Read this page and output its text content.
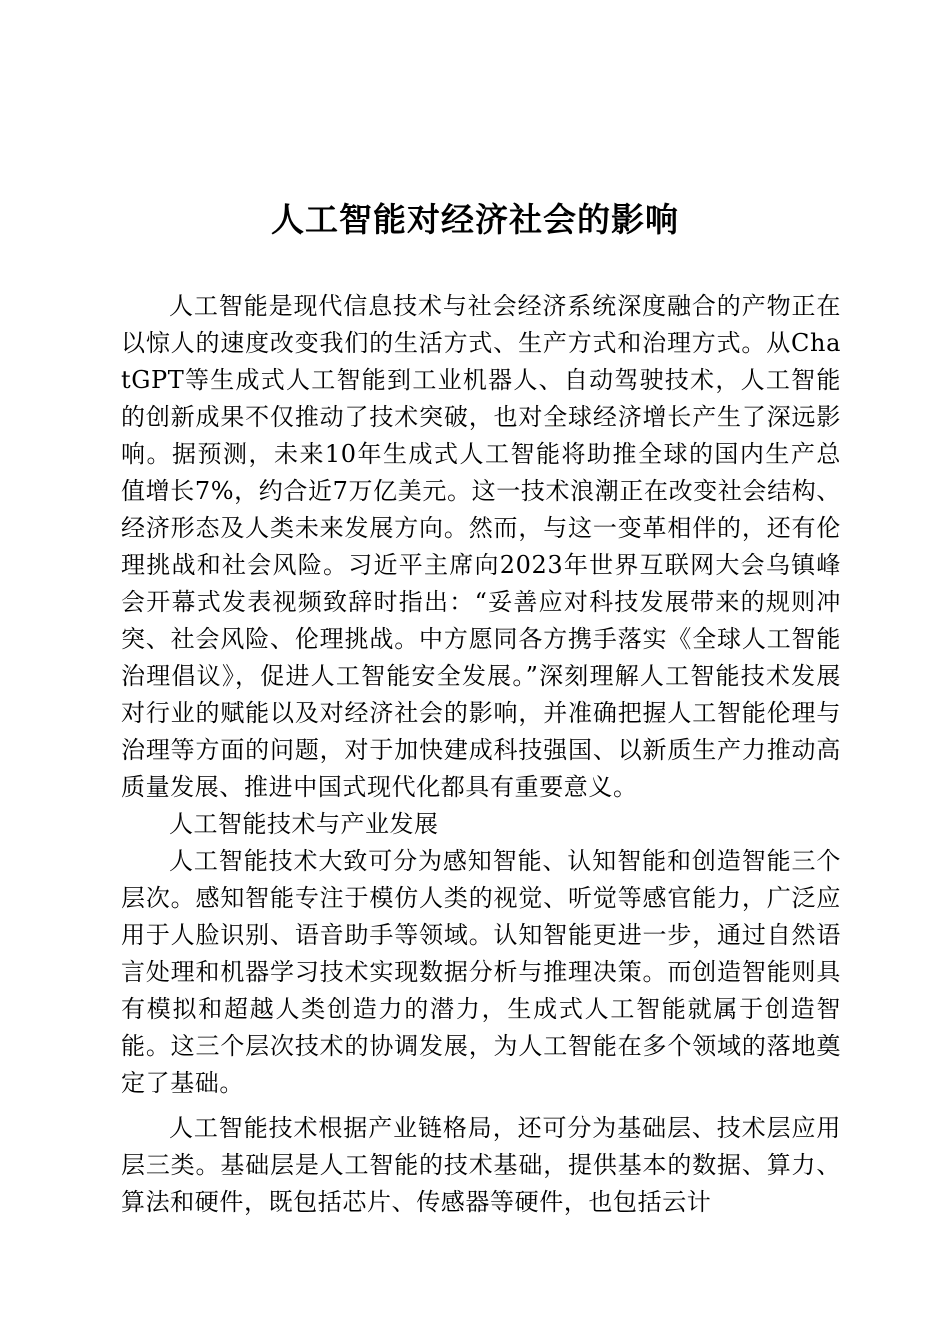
人工智能对经济社会的影响

人工智能是现代信息技术与社会经济系统深度融合的产物正在以惊人的速度改变我们的生活方式、生产方式和治理方式。从ChatGPT等生成式人工智能到工业机器人、自动驾驶技术，人工智能的创新成果不仅推动了技术突破，也对全球经济增长产生了深远影响。据预测，未来10年生成式人工智能将助推全球的国内生产总值增长7%，约合近7万亿美元。这一技术浪潮正在改变社会结构、经济形态及人类未来发展方向。然而，与这一变革相伴的，还有伦理挑战和社会风险。习近平主席向2023年世界互联网大会乌镇峰会开幕式发表视频致辞时指出：“妥善应对科技发展带来的规则冲突、社会风险、伦理挑战。中方愿同各方携手落实《全球人工智能治理倡议》，促进人工智能安全发展。”深刻理解人工智能技术发展对行业的赋能以及对经济社会的影响，并准确把握人工智能伦理与治理等方面的问题，对于加快建成科技强国、以新质生产力推动高质量发展、推进中国式现代化都具有重要意义。

人工智能技术与产业发展

人工智能技术大致可分为感知智能、认知智能和创造智能三个层次。感知智能专注于模仿人类的视觉、听觉等感官能力，广泛应用于人脸识别、语音助手等领域。认知智能更进一步，通过自然语言处理和机器学习技术实现数据分析与推理决策。而创造智能则具有模拟和超越人类创造力的潜力，生成式人工智能就属于创造智能。这三个层次技术的协调发展，为人工智能在多个领域的落地奠定了基础。

人工智能技术根据产业链格局，还可分为基础层、技术层应用层三类。基础层是人工智能的技术基础，提供基本的数据、算力、算法和硬件，既包括芯片、传感器等硬件，也包括云计
